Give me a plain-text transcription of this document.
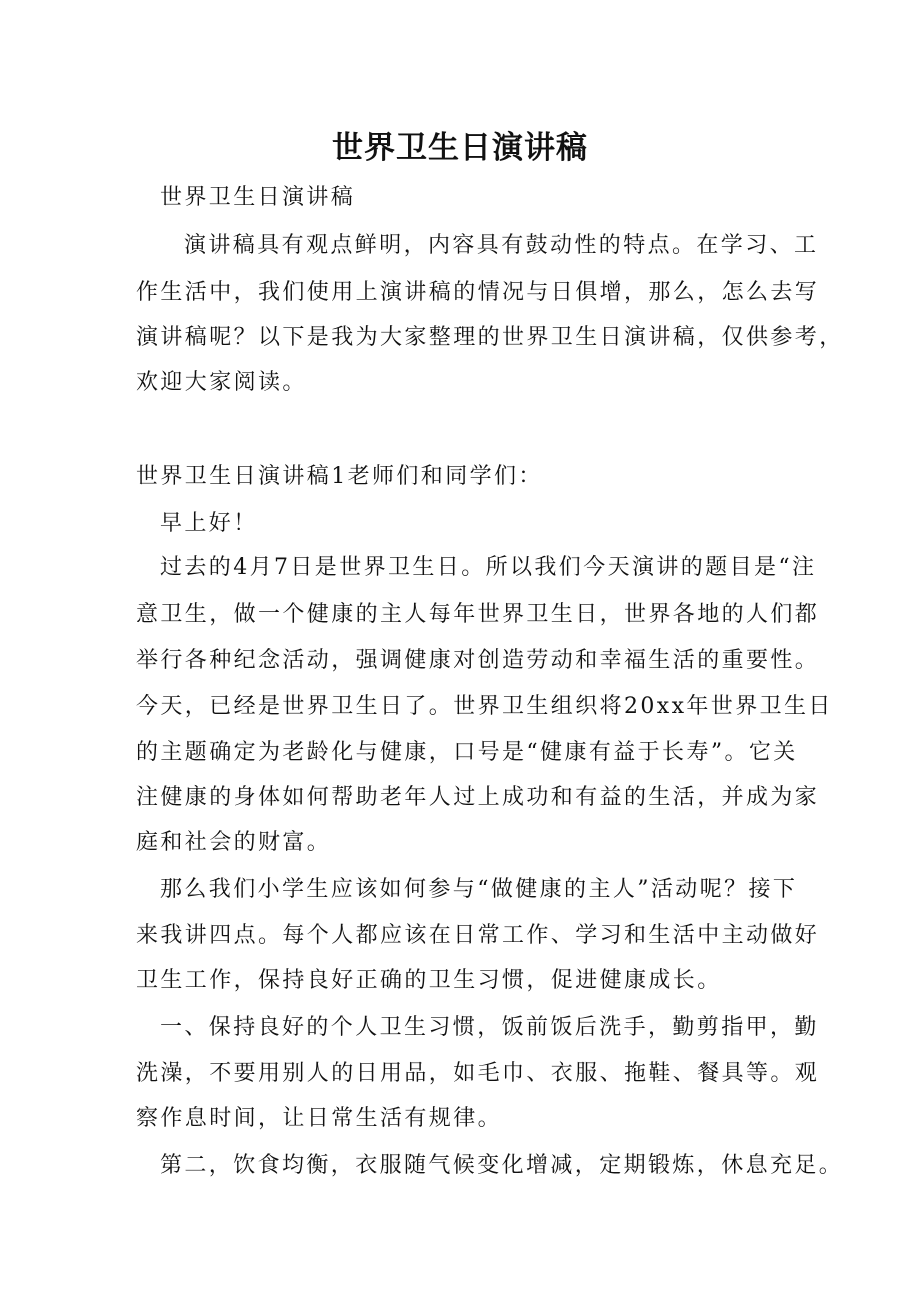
世界卫生日演讲稿

世界卫生日演讲稿

演讲稿具有观点鲜明，内容具有鼓动性的特点。在学习、工

作生活中，我们使用上演讲稿的情况与日俱增，那么，怎么去写

演讲稿呢？以下是我为大家整理的世界卫生日演讲稿，仅供参考，

欢迎大家阅读。

世界卫生日演讲稿1老师们和同学们：

早上好！

过去的4月7日是世界卫生日。所以我们今天演讲的题目是“注

意卫生，做一个健康的主人每年世界卫生日，世界各地的人们都

举行各种纪念活动，强调健康对创造劳动和幸福生活的重要性。

今天，已经是世界卫生日了。世界卫生组织将20xx年世界卫生日

的主题确定为老龄化与健康，口号是“健康有益于长寿”。它关

注健康的身体如何帮助老年人过上成功和有益的生活，并成为家

庭和社会的财富。

那么我们小学生应该如何参与“做健康的主人”活动呢？接下

来我讲四点。每个人都应该在日常工作、学习和生活中主动做好

卫生工作，保持良好正确的卫生习惯，促进健康成长。

一、保持良好的个人卫生习惯，饭前饭后洗手，勤剪指甲，勤

洗澡，不要用别人的日用品，如毛巾、衣服、拖鞋、餐具等。观

察作息时间，让日常生活有规律。

第二，饮食均衡，衣服随气候变化增减，定期锻炼，休息充足。
